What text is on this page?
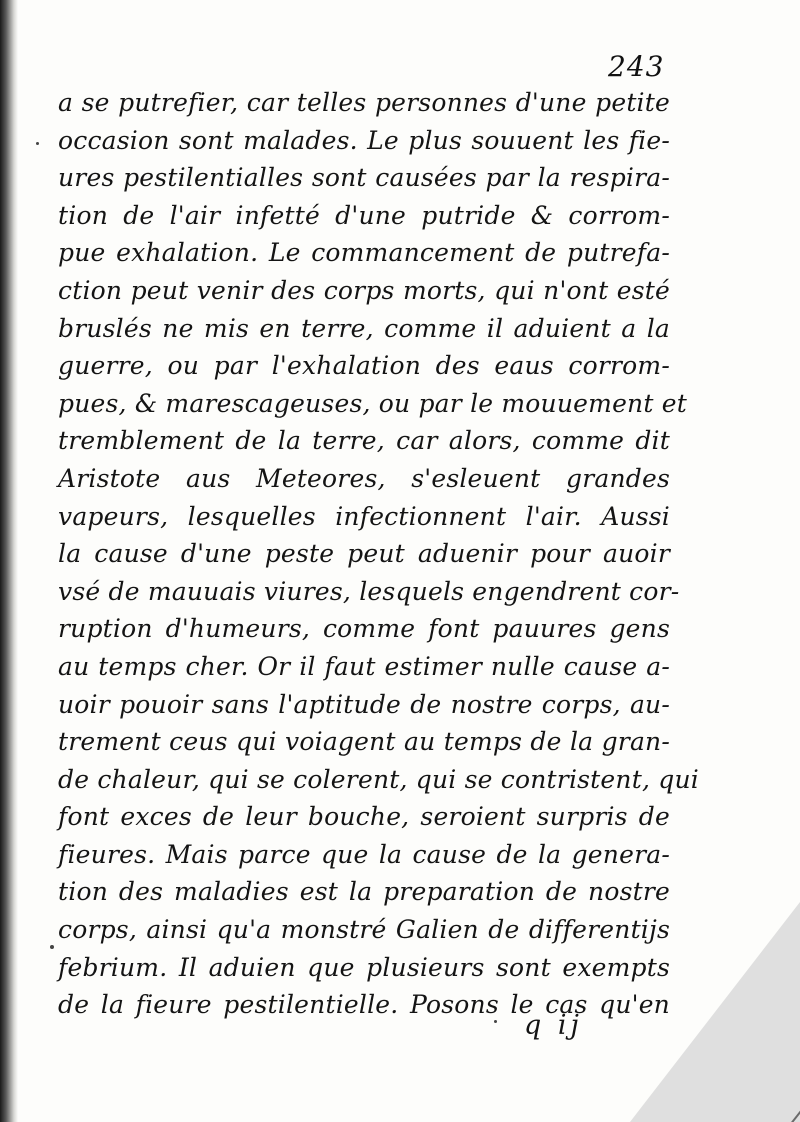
243
a se putrefier, car telles personnes d'une petite
occasion sont malades. Le plus souuent les fie-
ures pestilentialles sont causées par la respira-
tion de l'air infetté d'une putride & corrom-
pue exhalation. Le commancement de putrefa-
ction peut venir des corps morts, qui n'ont esté
bruslés ne mis en terre, comme il aduient a la
guerre, ou par l'exhalation des eaus corrom-
pues, & marescageuses, ou par le mouuement et
tremblement de la terre, car alors, comme dit
Aristote aus Meteores, s'esleuent grandes
vapeurs, lesquelles infectionnent l'air. Aussi
la cause d'une peste peut aduenir pour auoir
vsé de mauuais viures, lesquels engendrent cor-
ruption d'humeurs, comme font pauures gens
au temps cher. Or il faut estimer nulle cause a-
uoir pouoir sans l'aptitude de nostre corps, au-
trement ceus qui voiagent au temps de la gran-
de chaleur, qui se colerent, qui se contristent, qui
font exces de leur bouche, seroient surpris de
fieures. Mais parce que la cause de la genera-
tion des maladies est la preparation de nostre
corps, ainsi qu'a monstré Galien de differentijs
febrium. Il aduien que plusieurs sont exempts
de la fieure pestilentielle. Posons le cas qu'en
q ij
